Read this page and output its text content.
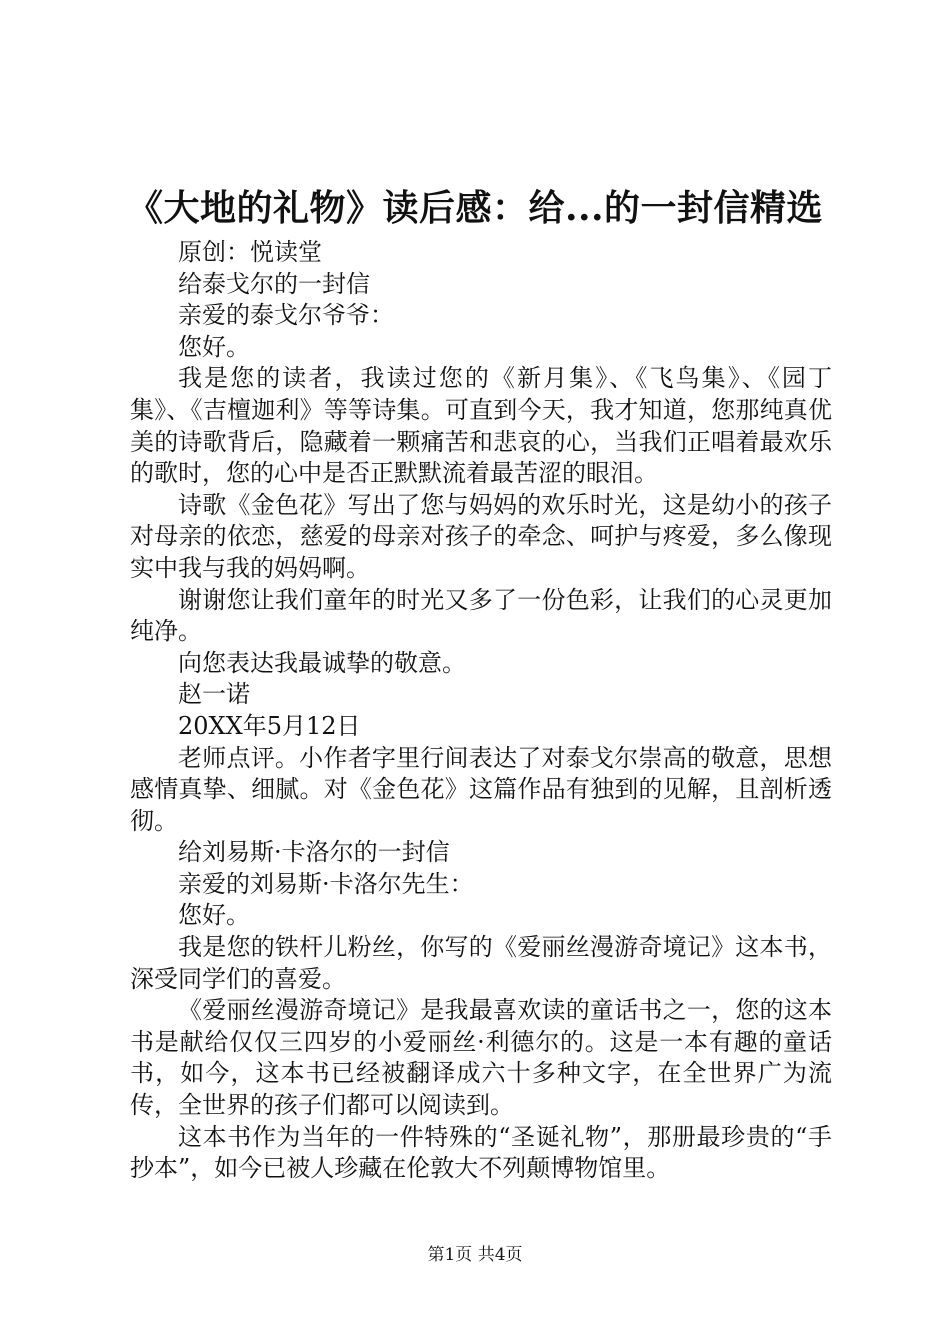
《大地的礼物》读后感：给...的一封信精选

原创：悦读堂

给泰戈尔的一封信

亲爱的泰戈尔爷爷：

您好。

我是您的读者，我读过您的《新月集》、《飞鸟集》、《园丁集》、《吉檀迦利》等等诗集。可直到今天，我才知道，您那纯真优美的诗歌背后，隐藏着一颗痛苦和悲哀的心，当我们正唱着最欢乐的歌时，您的心中是否正默默流着最苦涩的眼泪。

诗歌《金色花》写出了您与妈妈的欢乐时光，这是幼小的孩子对母亲的依恋，慈爱的母亲对孩子的牵念、呵护与疼爱，多么像现实中我与我的妈妈啊。

谢谢您让我们童年的时光又多了一份色彩，让我们的心灵更加纯净。

向您表达我最诚挚的敬意。

赵一诺

20XX年5月12日

老师点评。小作者字里行间表达了对泰戈尔崇高的敬意，思想感情真挚、细腻。对《金色花》这篇作品有独到的见解，且剖析透彻。

给刘易斯·卡洛尔的一封信

亲爱的刘易斯·卡洛尔先生：

您好。

我是您的铁杆儿粉丝，你写的《爱丽丝漫游奇境记》这本书，深受同学们的喜爱。

《爱丽丝漫游奇境记》是我最喜欢读的童话书之一，您的这本书是献给仅仅三四岁的小爱丽丝·利德尔的。这是一本有趣的童话书，如今，这本书已经被翻译成六十多种文字，在全世界广为流传，全世界的孩子们都可以阅读到。

这本书作为当年的一件特殊的“圣诞礼物”，那册最珍贵的“手抄本”，如今已被人珍藏在伦敦大不列颠博物馆里。

第1页 共4页
